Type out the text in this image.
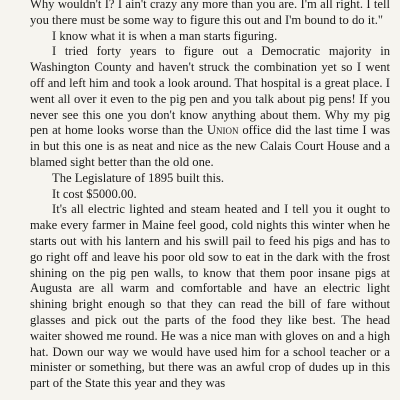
Why wouldn't I? I ain't crazy any more than you are. I'm all right. I tell you there must be some way to figure this out and I'm bound to do it."

I know what it is when a man starts figuring.

I tried forty years to figure out a Democratic majority in Washington County and haven't struck the combination yet so I went off and left him and took a look around. That hospital is a great place. I went all over it even to the pig pen and you talk about pig pens! If you never see this one you don't know anything about them. Why my pig pen at home looks worse than the Union office did the last time I was in but this one is as neat and nice as the new Calais Court House and a blamed sight better than the old one.

The Legislature of 1895 built this.

It cost $5000.00.

It's all electric lighted and steam heated and I tell you it ought to make every farmer in Maine feel good, cold nights this winter when he starts out with his lantern and his swill pail to feed his pigs and has to go right off and leave his poor old sow to eat in the dark with the frost shining on the pig pen walls, to know that them poor insane pigs at Augusta are all warm and comfortable and have an electric light shining bright enough so that they can read the bill of fare without glasses and pick out the parts of the food they like best. The head waiter showed me round. He was a nice man with gloves on and a high hat. Down our way we would have used him for a school teacher or a minister or something, but there was an awful crop of dudes up in this part of the State this year and they was
